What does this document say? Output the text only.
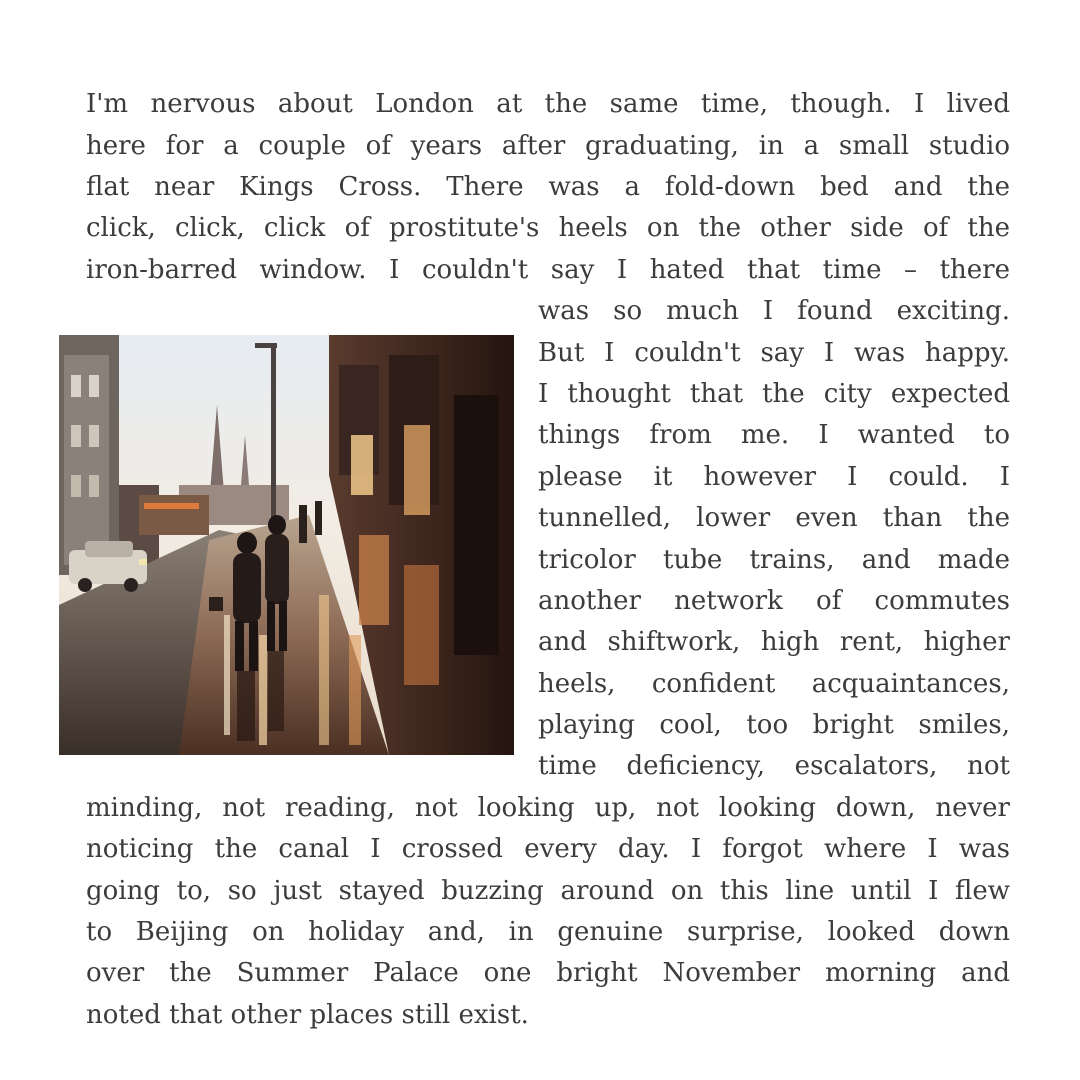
I'm nervous about London at the same time, though. I lived
here for a couple of years after graduating, in a small studio
flat near Kings Cross. There was a fold-down bed and the
click, click, click of prostitute's heels on the other side of the
iron-barred window. I couldn't say I hated that time – there
was so much I found exciting.
But I couldn't say I was happy.
I thought that the city expected
things from me. I wanted to
please it however I could. I
tunnelled, lower even than the
tricolor tube trains, and made
another network of commutes
and shiftwork, high rent, higher
heels, confident acquaintances,
playing cool, too bright smiles,
time deficiency, escalators, not
minding, not reading, not looking up, not looking down, never
noticing the canal I crossed every day. I forgot where I was
going to, so just stayed buzzing around on this line until I flew
to Beijing on holiday and, in genuine surprise, looked down
over the Summer Palace one bright November morning and
noted that other places still exist.
